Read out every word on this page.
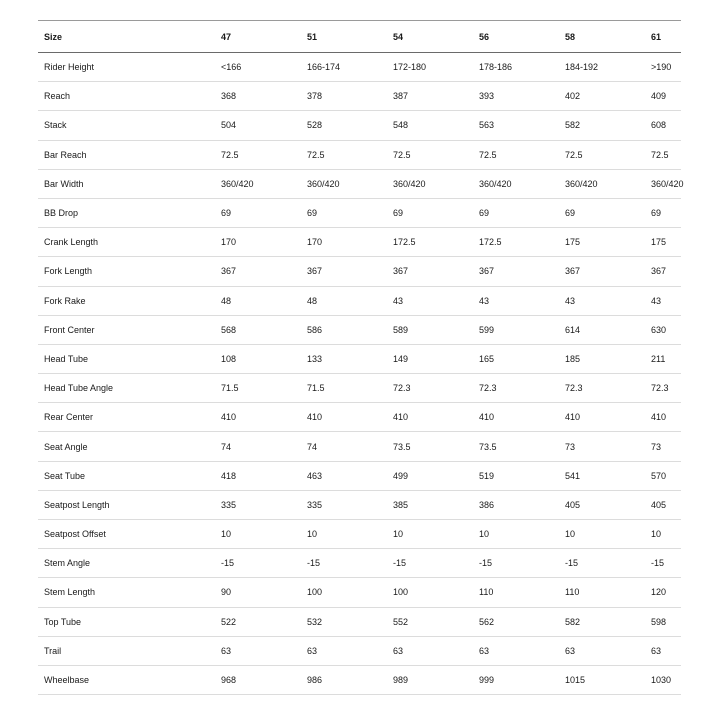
Size	47	51	54	56	58	61
Rider Height	<166	166-174	172-180	178-186	184-192	>190
Reach	368	378	387	393	402	409
Stack	504	528	548	563	582	608
Bar Reach	72.5	72.5	72.5	72.5	72.5	72.5
Bar Width	360/420	360/420	360/420	360/420	360/420	360/420
BB Drop	69	69	69	69	69	69
Crank Length	170	170	172.5	172.5	175	175
Fork Length	367	367	367	367	367	367
Fork Rake	48	48	43	43	43	43
Front Center	568	586	589	599	614	630
Head Tube	108	133	149	165	185	211
Head Tube Angle	71.5	71.5	72.3	72.3	72.3	72.3
Rear Center	410	410	410	410	410	410
Seat Angle	74	74	73.5	73.5	73	73
Seat Tube	418	463	499	519	541	570
Seatpost Length	335	335	385	386	405	405
Seatpost Offset	10	10	10	10	10	10
Stem Angle	-15	-15	-15	-15	-15	-15
Stem Length	90	100	100	110	110	120
Top Tube	522	532	552	562	582	598
Trail	63	63	63	63	63	63
Wheelbase	968	986	989	999	1015	1030
